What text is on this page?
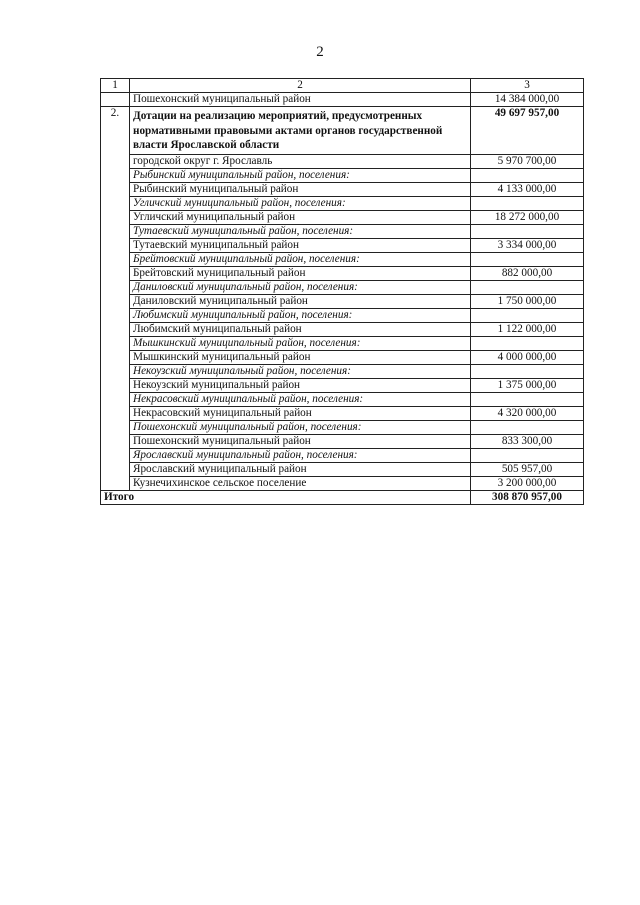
2
1	2	3
	Пошехонский муниципальный район	14 384 000,00
2.	Дотации на реализацию мероприятий, предусмотренных нормативными правовыми актами органов государственной власти Ярославской области	49 697 957,00
	городской округ г. Ярославль	5 970 700,00
	Рыбинский муниципальный район, поселения:	
	Рыбинский муниципальный район	4 133 000,00
	Угличский муниципальный район, поселения:	
	Угличский муниципальный район	18 272 000,00
	Тутаевский муниципальный район, поселения:	
	Тутаевский муниципальный район	3 334 000,00
	Брейтовский муниципальный район, поселения:	
	Брейтовский муниципальный район	882 000,00
	Даниловский муниципальный район, поселения:	
	Даниловский муниципальный район	1 750 000,00
	Любимский муниципальный район, поселения:	
	Любимский муниципальный район	1 122 000,00
	Мышкинский муниципальный район, поселения:	
	Мышкинский муниципальный район	4 000 000,00
	Некоузский муниципальный район, поселения:	
	Некоузский муниципальный район	1 375 000,00
	Некрасовский муниципальный район, поселения:	
	Некрасовский муниципальный район	4 320 000,00
	Пошехонский муниципальный район, поселения:	
	Пошехонский муниципальный район	833 300,00
	Ярославский муниципальный район, поселения:	
	Ярославский муниципальный район	505 957,00
	Кузнечихинское сельское поселение	3 200 000,00
Итого		308 870 957,00
